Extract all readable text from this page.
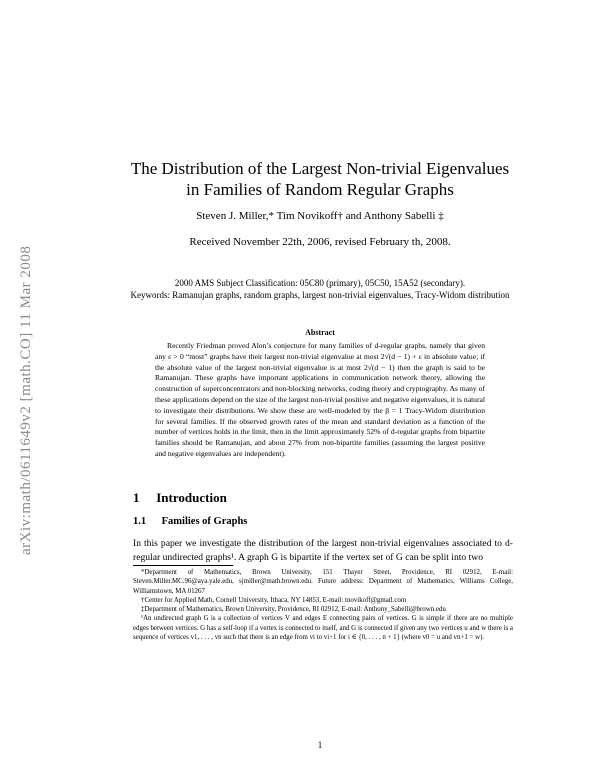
arXiv:math/0611649v2 [math.CO] 11 Mar 2008
The Distribution of the Largest Non-trivial Eigenvalues
in Families of Random Regular Graphs
Steven J. Miller,* Tim Novikoff† and Anthony Sabelli ‡
Received November 22th, 2006, revised February th, 2008.
2000 AMS Subject Classification: 05C80 (primary), 05C50, 15A52 (secondary).
Keywords: Ramanujan graphs, random graphs, largest non-trivial eigenvalues, Tracy-Widom distribution
Abstract
Recently Friedman proved Alon’s conjecture for many families of d-regular graphs, namely that given any ε > 0 “most” graphs have their largest non-trivial eigenvalue at most 2√(d − 1) + ε in absolute value; if the absolute value of the largest non-trivial eigenvalue is at most 2√(d − 1) then the graph is said to be Ramanujan. These graphs have important applications in communication network theory, allowing the construction of superconcentrators and non-blocking networks, coding theory and cryptography. As many of these applications depend on the size of the largest non-trivial positive and negative eigenvalues, it is natural to investigate their distributions. We show these are well-modeled by the β = 1 Tracy-Widom distribution for several families. If the observed growth rates of the mean and standard deviation as a function of the number of vertices holds in the limit, then in the limit approximately 52% of d-regular graphs from bipartite families should be Ramanujan, and about 27% from non-bipartite families (assuming the largest positive and negative eigenvalues are independent).
1 Introduction
1.1 Families of Graphs
In this paper we investigate the distribution of the largest non-trivial eigenvalues associated to d-regular undirected graphs¹. A graph G is bipartite if the vertex set of G can be split into two

*Department of Mathematics, Brown University, 151 Thayer Street, Providence, RI 02912, E-mail: Steven.Miller.MC.96@aya.yale.edu, sjmiller@math.brown.edu. Future address: Department of Mathematics, Williams College, Williamstown, MA 01267

†Center for Applied Math, Cornell University, Ithaca, NY 14853, E-mail: tnovikoff@gmail.com

‡Department of Mathematics, Brown University, Providence, RI 02912, E-mail: Anthony_Sabelli@brown.edu

¹An undirected graph G is a collection of vertices V and edges E connecting pairs of vertices. G is simple if there are no multiple edges between vertices. G has a self-loop if a vertex is connected to itself, and G is connected if given any two vertices u and w there is a sequence of vertices v1, . . . , vn such that there is an edge from vi to vi+1 for i ∈ {0, . . . , n + 1} (where v0 = u and vn+1 = w).

1
